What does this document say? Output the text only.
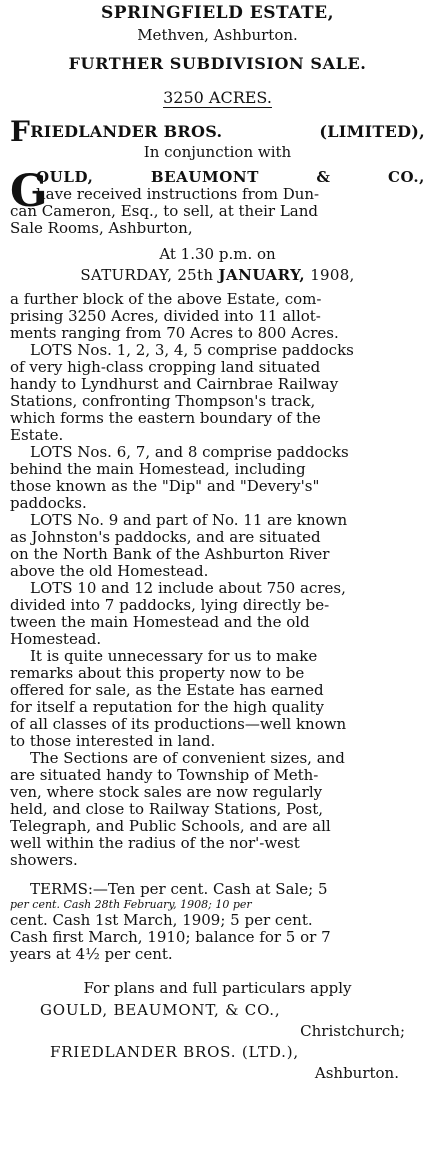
SPRINGFIELD ESTATE,
Methven, Ashburton.
FURTHER SUBDIVISION SALE.
3250 ACRES.
FRIEDLANDER BROS.	(LIMITED),
In conjunction with
G
OULD,	BEAUMONT	&	CO.,
have received instructions from Dun-
can Cameron, Esq., to sell, at their Land
Sale Rooms, Ashburton,
At 1.30 p.m. on
SATURDAY, 25th JANUARY, 1908,
a further block of the above Estate, com-
prising 3250 Acres, divided into 11 allot-
ments ranging from 70 Acres to 800 Acres.
LOTS Nos. 1, 2, 3, 4, 5 comprise paddocks
of very high-class cropping land situated
handy to Lyndhurst and Cairnbrae Railway
Stations, confronting Thompson's track,
which forms the eastern boundary of the
Estate.
LOTS Nos. 6, 7, and 8 comprise paddocks
behind the main Homestead, including
those known as the "Dip" and "Devery's"
paddocks.
LOTS No. 9 and part of No. 11 are known
as Johnston's paddocks, and are situated
on the North Bank of the Ashburton River
above the old Homestead.
LOTS 10 and 12 include about 750 acres,
divided into 7 paddocks, lying directly be-
tween the main Homestead and the old
Homestead.
It is quite unnecessary for us to make
remarks about this property now to be
offered for sale, as the Estate has earned
for itself a reputation for the high quality
of all classes of its productions—well known
to those interested in land.
The Sections are of convenient sizes, and
are situated handy to Township of Meth-
ven, where stock sales are now regularly
held, and close to Railway Stations, Post,
Telegraph, and Public Schools, and are all
well within the radius of the nor'-west
showers.
TERMS:—Ten per cent. Cash at Sale; 5
per cent. Cash 28th February, 1908; 10 per
cent. Cash 1st March, 1909; 5 per cent.
Cash first March, 1910; balance for 5 or 7
years at 4½ per cent.
For plans and full particulars apply
GOULD, BEAUMONT, & CO.,
Christchurch;
FRIEDLANDER BROS. (LTD.),
Ashburton.
